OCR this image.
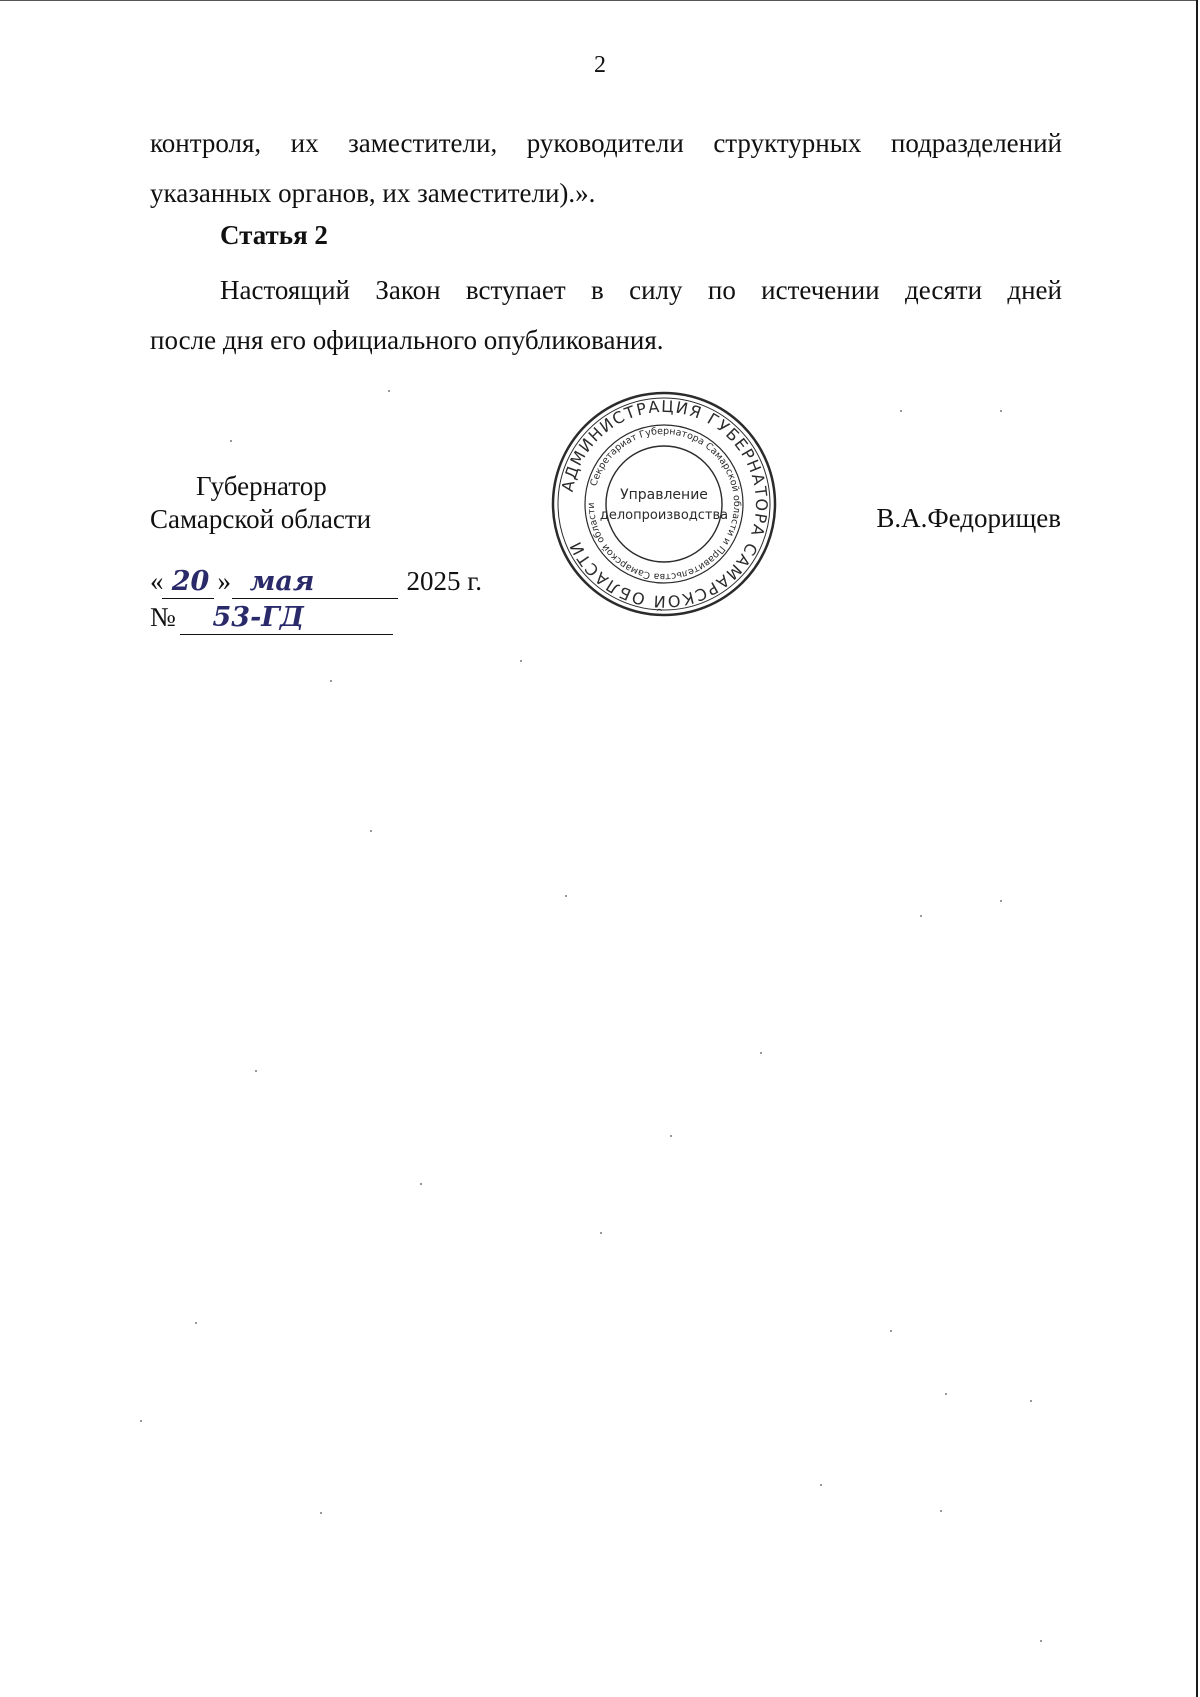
2
контроля, их заместители, руководители структурных подразделений
указанных органов, их заместители).».
Статья 2
Настоящий Закон вступает в силу по истечении десяти дней
после дня его официального опубликования.
Губернатор
Самарской области	В.А.Федорищев
« 20 » мая	2025 г.
№ 53-ГД
АДМИНИСТРАЦИЯ ГУБЕРНАТОРА САМАРСКОЙ ОБЛАСТИ
Секретариат Губернатора Самарской области и Правительства Самарской области
Управление
делопроизводства
